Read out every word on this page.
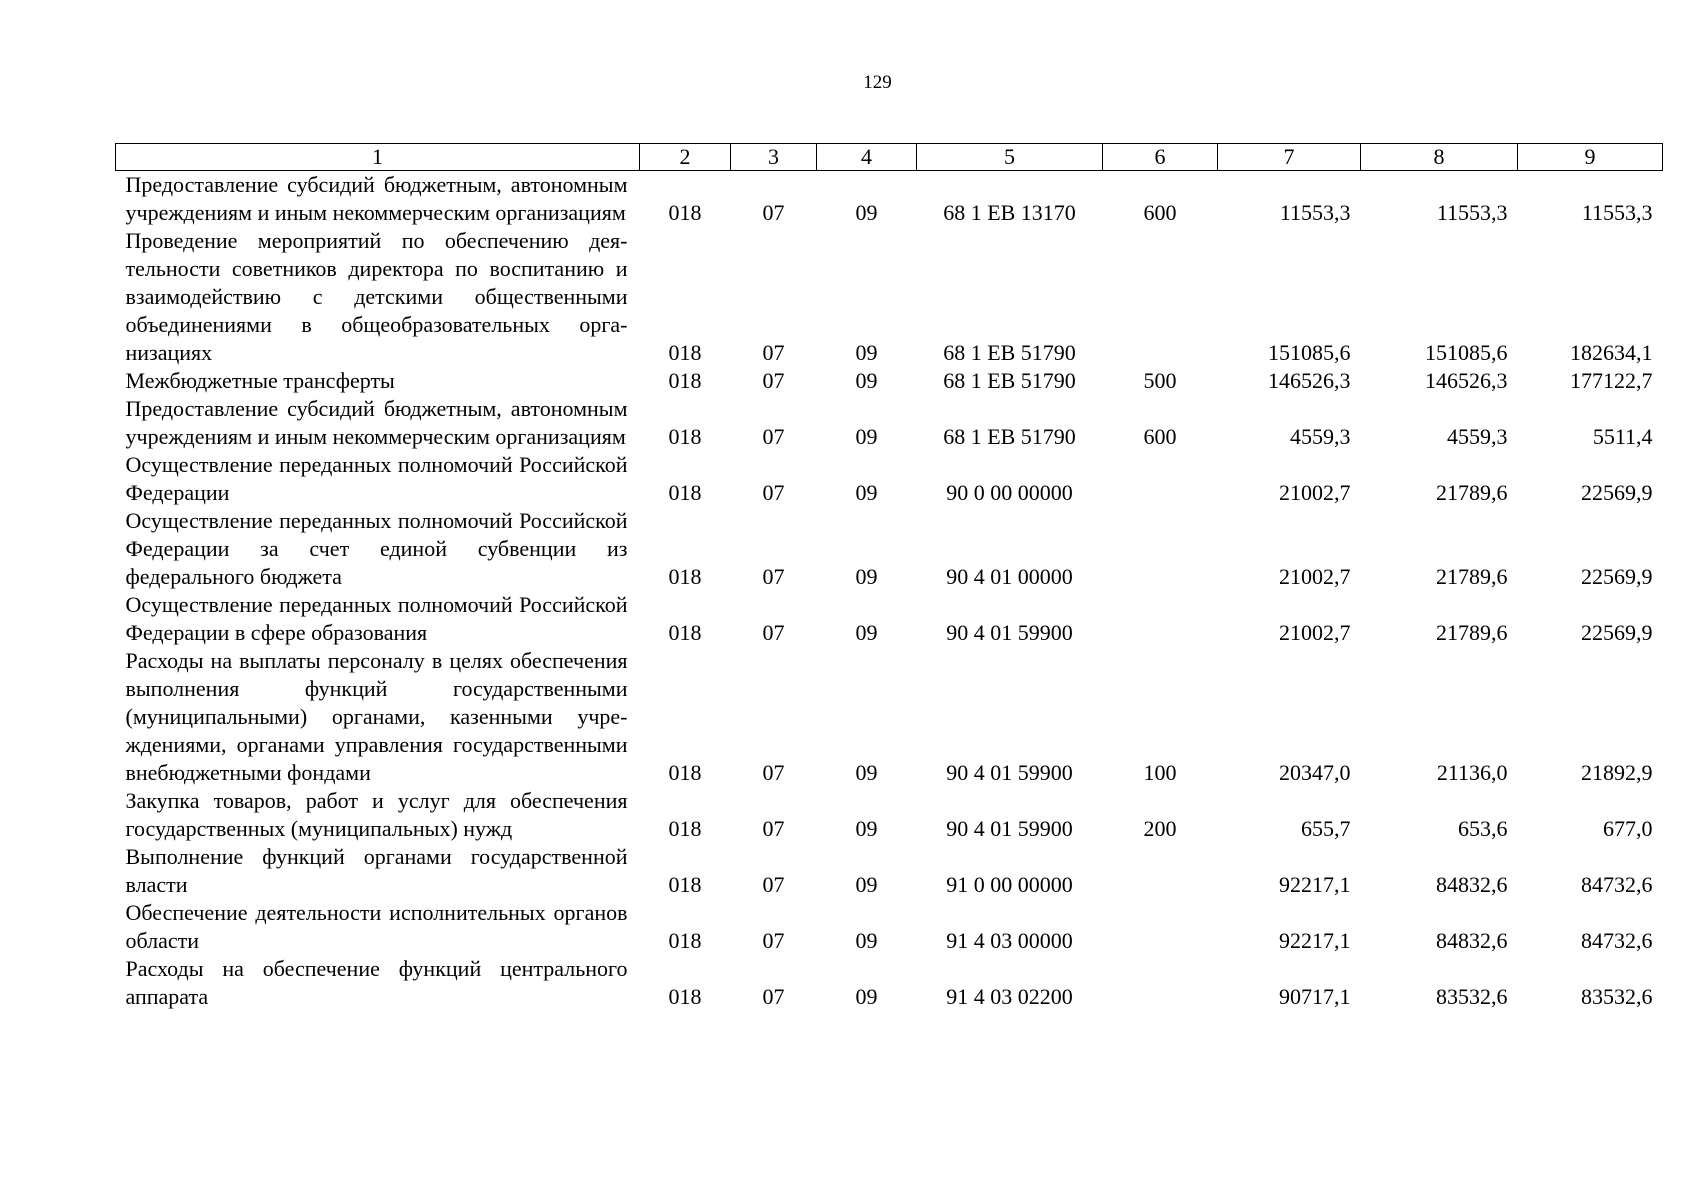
129
1	2	3	4	5	6	7	8	9
Предоставление субсидий бюджетным, автономным учреждениям и иным некоммерческим организациям	018	07	09	68 1 ЕВ 13170	600	11553,3	11553,3	11553,3
Проведение мероприятий по обеспечению деятельности советников директора по воспитанию и взаимодействию с детскими общественными объединениями в общеобразовательных организациях	018	07	09	68 1 ЕВ 51790		151085,6	151085,6	182634,1
Межбюджетные трансферты	018	07	09	68 1 ЕВ 51790	500	146526,3	146526,3	177122,7
Предоставление субсидий бюджетным, автономным учреждениям и иным некоммерческим организациям	018	07	09	68 1 ЕВ 51790	600	4559,3	4559,3	5511,4
Осуществление переданных полномочий Российской Федерации	018	07	09	90 0 00 00000		21002,7	21789,6	22569,9
Осуществление переданных полномочий Российской Федерации за счет единой субвенции из федерального бюджета	018	07	09	90 4 01 00000		21002,7	21789,6	22569,9
Осуществление переданных полномочий Российской Федерации в сфере образования	018	07	09	90 4 01 59900		21002,7	21789,6	22569,9
Расходы на выплаты персоналу в целях обеспечения выполнения функций государственными (муниципальными) органами, казенными учреждениями, органами управления государственными внебюджетными фондами	018	07	09	90 4 01 59900	100	20347,0	21136,0	21892,9
Закупка товаров, работ и услуг для обеспечения государственных (муниципальных) нужд	018	07	09	90 4 01 59900	200	655,7	653,6	677,0
Выполнение функций органами государственной власти	018	07	09	91 0 00 00000		92217,1	84832,6	84732,6
Обеспечение деятельности исполнительных органов области	018	07	09	91 4 03 00000		92217,1	84832,6	84732,6
Расходы на обеспечение функций центрального аппарата	018	07	09	91 4 03 02200		90717,1	83532,6	83532,6
